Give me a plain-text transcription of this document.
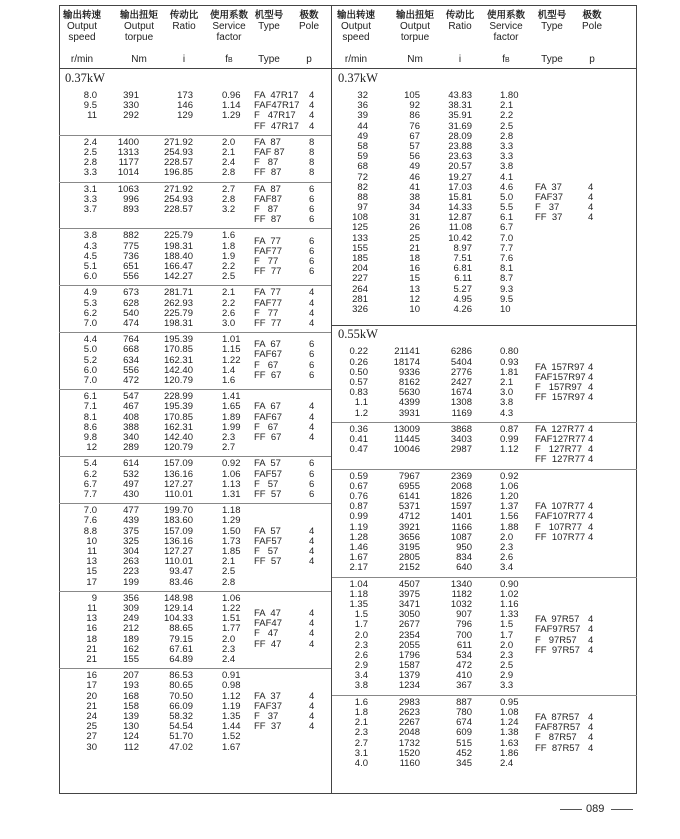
输出转速
Output
speed
r/min
输出扭矩
Output
torpue
Nm
传动比
Ratio
i
使用系数
Service
factor
fB
机型号
Type
Type
极数
Pole
p
0.37kW
8.0
9.5
11
391
330
292
173
146
129
0.96
1.14
1.29
FA  47R17
FAF47R17
F   47R17
FF  47R17
4
4
4
4
2.4
2.5
2.8
3.3
1400
1313
1177
1014
271.92
254.93
228.57
196.85
2.0
2.1
2.4
2.8
FA  87
FAF 87
F   87
FF  87
8
8
8
8
3.1
3.3
3.7
1063
996
893
271.92
254.93
228.57
2.7
2.8
3.2
FA  87
FAF87
F   87
FF  87
6
6
6
6
3.8
4.3
4.5
5.1
6.0
882
775
736
651
556
225.79
198.31
188.40
166.47
142.27
1.6
1.8
1.9
2.2
2.5
FA  77
FAF77
F   77
FF  77
6
6
6
6
4.9
5.3
6.2
7.0
673
628
540
474
281.71
262.93
225.79
198.31
2.1
2.2
2.6
3.0
FA  77
FAF77
F   77
FF  77
4
4
4
4
4.4
5.0
5.2
6.0
7.0
764
668
634
556
472
195.39
170.85
162.31
142.40
120.79
1.01
1.15
1.22
1.4
1.6
FA  67
FAF67
F   67
FF  67
6
6
6
6
6.1
7.1
8.1
8.6
9.8
12
547
467
408
388
340
289
228.99
195.39
170.85
162.31
142.40
120.79
1.41
1.65
1.89
1.99
2.3
2.7
FA  67
FAF67
F   67
FF  67
4
4
4
4
5.4
6.2
6.7
7.7
614
532
497
430
157.09
136.16
127.27
110.01
0.92
1.06
1.13
1.31
FA  57
FAF57
F   57
FF  57
6
6
6
6
7.0
7.6
8.8
10
11
13
15
17
477
439
375
325
304
263
223
199
199.70
183.60
157.09
136.16
127.27
110.01
93.47
83.46
1.18
1.29
1.50
1.73
1.85
2.1
2.5
2.8
FA  57
FAF57
F   57
FF  57
4
4
4
4
9
11
13
16
18
21
21
356
309
249
212
189
162
155
148.98
129.14
104.33
88.65
79.15
67.61
64.89
1.06
1.22
1.51
1.77
2.0
2.3
2.4
FA  47
FAF47
F   47
FF  47
4
4
4
4
16
17
20
21
24
25
27
30
207
193
168
158
139
130
124
112
86.53
80.65
70.50
66.09
58.32
54.54
51.70
47.02
0.91
0.98
1.12
1.19
1.35
1.44
1.52
1.67
FA  37
FAF37
F   37
FF  37
4
4
4
4
输出转速
Output
speed
r/min
输出扭矩
Output
torpue
Nm
传动比
Ratio
i
使用系数
Service
factor
fB
机型号
Type
Type
极数
Pole
p
0.37kW
32
36
39
44
49
58
59
68
72
82
88
97
108
125
133
155
185
204
227
264
281
326
105
92
86
76
67
57
56
49
46
41
38
34
31
26
25
21
18
16
15
13
12
10
43.83
38.31
35.91
31.69
28.09
23.88
23.63
20.57
19.27
17.03
15.81
14.33
12.87
11.08
10.42
8.97
7.51
6.81
6.11
5.27
4.95
4.26
1.80
2.1
2.2
2.5
2.8
3.3
3.3
3.8
4.1
4.6
5.0
5.5
6.1
6.7
7.0
7.7
7.6
8.1
8.7
9.3
9.5
10
FA  37
FAF37
F   37
FF  37
4
4
4
4
0.55kW
0.22
0.26
0.50
0.57
0.83
1.1
1.2
21141
18174
9336
8162
5630
4399
3931
6286
5404
2776
2427
1674
1308
1169
0.80
0.93
1.81
2.1
3.0
3.8
4.3
FA  157R97
FAF157R97
F   157R97
FF  157R97
4
4
4
4
0.36
0.41
0.47
13009
11445
10046
3868
3403
2987
0.87
0.99
1.12
FA  127R77
FAF127R77
F   127R77
FF  127R77
4
4
4
4
0.59
0.67
0.76
0.87
0.99
1.19
1.28
1.46
1.67
2.17
7967
6955
6141
5371
4712
3921
3656
3195
2805
2152
2369
2068
1826
1597
1401
1166
1087
950
834
640
0.92
1.06
1.20
1.37
1.56
1.88
2.0
2.3
2.6
3.4
FA  107R77
FAF107R77
F   107R77
FF  107R77
4
4
4
4
1.04
1.18
1.35
1.5
1.7
2.0
2.3
2.6
2.9
3.4
3.8
4507
3975
3471
3050
2677
2354
2055
1796
1587
1379
1234
1340
1182
1032
907
796
700
611
534
472
410
367
0.90
1.02
1.16
1.33
1.5
1.7
2.0
2.3
2.5
2.9
3.3
FA  97R57
FAF97R57
F   97R57
FF  97R57
4
4
4
4
1.6
1.8
2.1
2.3
2.7
3.1
4.0
2983
2623
2267
2048
1732
1520
1160
887
780
674
609
515
452
345
0.95
1.08
1.24
1.38
1.63
1.86
2.4
FA  87R57
FAF87R57
F   87R57
FF  87R57
4
4
4
4
089
